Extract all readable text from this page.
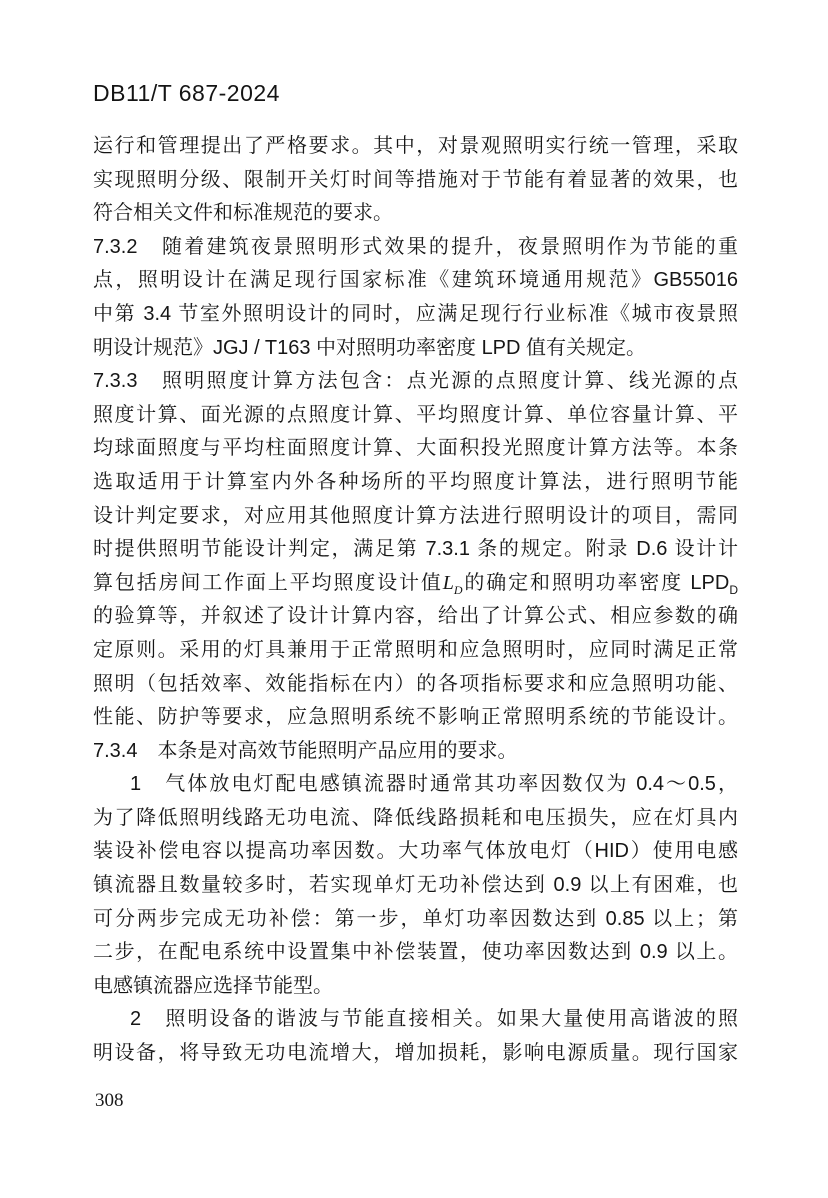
DB11/T 687-2024
运行和管理提出了严格要求。其中，对景观照明实行统一管理，采取
实现照明分级、限制开关灯时间等措施对于节能有着显著的效果，也
符合相关文件和标准规范的要求。
7.3.2　随着建筑夜景照明形式效果的提升，夜景照明作为节能的重
点，照明设计在满足现行国家标准《建筑环境通用规范》GB55016
中第 3.4 节室外照明设计的同时，应满足现行行业标准《城市夜景照
明设计规范》JGJ / T163 中对照明功率密度 LPD 值有关规定。
7.3.3　照明照度计算方法包含：点光源的点照度计算、线光源的点
照度计算、面光源的点照度计算、平均照度计算、单位容量计算、平
均球面照度与平均柱面照度计算、大面积投光照度计算方法等。本条
选取适用于计算室内外各种场所的平均照度计算法，进行照明节能
设计判定要求，对应用其他照度计算方法进行照明设计的项目，需同
时提供照明节能设计判定，满足第 7.3.1 条的规定。附录 D.6 设计计
算包括房间工作面上平均照度设计值$L_D$的确定和照明功率密度 $LPD_D$
的验算等，并叙述了设计计算内容，给出了计算公式、相应参数的确
定原则。采用的灯具兼用于正常照明和应急照明时，应同时满足正常
照明（包括效率、效能指标在内）的各项指标要求和应急照明功能、
性能、防护等要求，应急照明系统不影响正常照明系统的节能设计。
7.3.4　本条是对高效节能照明产品应用的要求。
1　气体放电灯配电感镇流器时通常其功率因数仅为 0.4～0.5，
为了降低照明线路无功电流、降低线路损耗和电压损失，应在灯具内
装设补偿电容以提高功率因数。大功率气体放电灯（HID）使用电感
镇流器且数量较多时，若实现单灯无功补偿达到 0.9 以上有困难，也
可分两步完成无功补偿：第一步，单灯功率因数达到 0.85 以上；第
二步，在配电系统中设置集中补偿装置，使功率因数达到 0.9 以上。
电感镇流器应选择节能型。
2　照明设备的谐波与节能直接相关。如果大量使用高谐波的照
明设备，将导致无功电流增大，增加损耗，影响电源质量。现行国家
308
